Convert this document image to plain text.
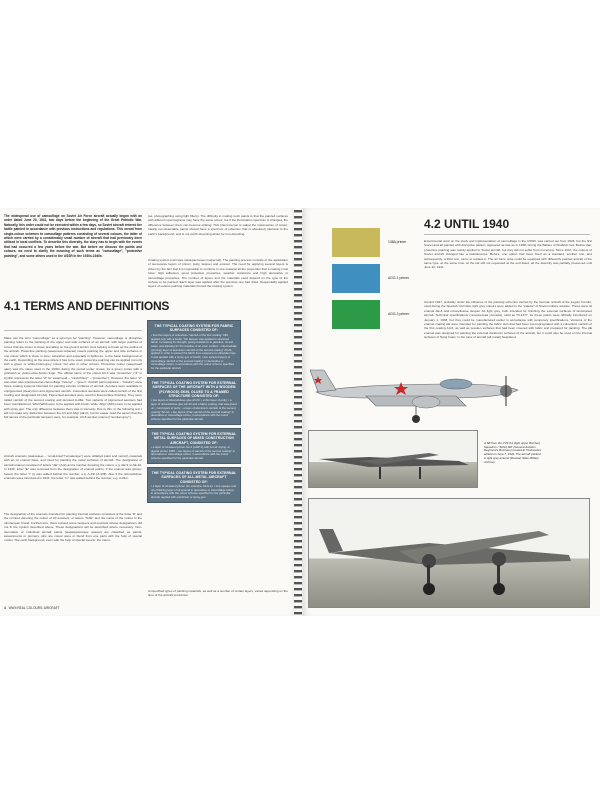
The widespread use of camouflage on Soviet Air Force aircraft actually began with an order dated June 20, 1941, two days before the beginning of the Great Patriotic War. Naturally, this order could not be executed within a few days, so Soviet aircraft entered the battle painted in accordance with previous instructions and regulations. This meant from single-colour schemes to camouflage patterns consisting of several colours, the latter of which were carried by a considerably small number of aircraft that had previously been utilised in local conflicts. To describe this diversity, the story has to begin with the events that had occurred a few years before the war. But before we discuss the paints and colours, we need to clarify the meaning of such terms as "camouflage", "protective painting", and some others used in the USSR in the 1930s-1940s.
4.1 TERMS AND DEFINITIONS
Make use the term "camouflage" as a synonym for "painting". However, camouflage or disruptive painting refers to the painting of the upper and side surfaces of an aircraft, with larger patches of colour that are closer to those prevailing on the ground terrain, thus helping to break up the outline of the aircraft. Protective painting (защитная окраска) means painting the upper and side surfaces in one colour which is close in tone, saturation and especially in lightness, to the basic background of the earth. Depending on the area where it has to be used, protective painting can be applied not only with a green or white-brown-grey colour, but also in other colours. Protective colour (защитный цвет) was the name used in the 1930s during the period under review, for a green colour with a yellowish or yellow-olive-brown tinge. The official name of the colour AII-3 was "protective" ("3" in Cyrillic represents the letter "Z" for защитный – "zashchitniy" – "protective"). However, the letter "Z" was often also interpreted as camouflage "zelenyi" – "green". Aircraft paint (окраска – "kraska") were those coating systems intended for painting exterior surfaces of aircraft. Aerolacs were available in unpigmented (clear) form and pigmented varnish. Colourless aerolacs were called varnish of the first coating and designated AII (AII), Pigmented aerolacs were used for final-surface finishing. They were called varnish of the second coating and denoted A-24E. Two variants of pigmented aerolacs had been manufactured. Wild (Wild) were to be applied with brush, while 'A6gr' (A6G) were to be applied with spray gun. The only difference between them was in viscosity. Due to this, in the following text I will not make any distinction between the AII and A6gr paints, but for easier read the assert that the full names of the particular lacquers were, for example, AII-8 aerolac enamel ("aerolac-grey").
Aircraft enamels (эмалевые – "emal-krasl"/"emalevaye") were oil/alkyd paint and varnish materials with an oil enamel base, and used for painting the metal surfaces of aircraft. The designation of aircraft enamel consisted of letters "AE" (A-E) and a number denoting the colour, e.g. AE-9 or AE-10. In 1940, letter "E" was removed from the designation of enamel paints. If the enamel was glossy-based, the letter "i" (i) was added behind the number, e.g. A-19f (A-19ff). Also if the nitrocellulose enamels were introduced in 1941, the letter "m" was added behind the number, e.g. A-24m.
The designation of the enamels intended for painting internal surfaces consisted of the letter 'R' and the number denoting the colour of AII enamels, or letters "OAE" and the name of the colour in the nitrolacquer brand. Furthermore, there existed some lacquers and enamels whose designations did not fit the system described above. These designations will be described where necessary. Non-decorative or individual aircraft paints (маркировочные краски) are classified as paints, assessments or gunners, who are colour were or blend from one parts with the help of special model. The earth background, even with the help of special means: the manu-
(as, photographing using light filters). The difficulty in making such paints is that the painted surfaces with different spectrograms may have the same colour, but if the illumination spectrum is changed, the difference between them can become striking. This phenomenon is called the metamerism of colour. Ideally non-detectable paints should have a spectrum of reflection that is absolutely identical to the earth's background, and is not worth dreaming about for non-decoding.
Coating system (система лакокрасочных покрытий). The painting process consists of the application of successive layers of primer, putty, lacquer and enamel. The need for applying several layers is driven by the fact that it is impossible to combine in one material all the properties that a coating must have: high adhesion, good protective properties, weather resistance and high decorative or camouflage properties. The number of layers and the materials used depend on the type of the surface to be painted. Each layer was applied after the previous one had dried. Sequentially applied layers of various painting materials formed the coating system.
THE TYPICAL COATING SYSTEM FOR FABRIC SURFACES CONSISTED OF:

• four-five layers of colourless "varnish of the first coating" AII6, applied only with a brush. The lacquer was applied to stretched fabric, increasing its strength, giving resistance to gasoline, oil and water, and allowing for the creation of an even surface; • intermediate (priming) layer of aluminium varnish of the second coating" AII-AL, applied in order to protect the fabric from exposure to ultraviolet rays. It was applied with a spray gun or brush; • two sprayed layers of camouflage varnish of the second coating" in decorative or camouflage colour, in accordance with the colour scheme specified for the particular aircraft.

THE TYPICAL COATING SYSTEM FOR EXTERNAL SURFACES OF THE AIRCRAFT WITH A WOODEN (PLYWOOD) SKIN, GLUED TO A FRAMED STRUCTURE CONSISTED OF:

• two layers of nitrocellulose glue AII-Kil; • a thin layer of putty; • a layer of nitrocellulose glue AK-20 and a fabric coating, that was glued on; • two layers of putty; • a layer of aluminium varnish of the second coating" AII-AL; • two layers of lac varnish of the second coating" in decorative or camouflage colour, in accordance with the colour scheme specified for the particular aircraft.

THE TYPICAL COATING SYSTEM FOR EXTERNAL METAL SURFACES OF MIXED CONSTRUCTION AIRCRAFT, CONSISTED OF:

• a layer of oil-based primer AG-1 (AGP-1) with hot air drying, or glyptal primer 1388; • two layers of varnish of the second coating" in decorative or camouflage colour, in accordance with the colour scheme specified for the particular aircraft.

THE TYPICAL COATING SYSTEM FOR EXTERNAL SURFACES OF ALL-METAL AIRCRAFT CONSISTED OF:

• a layer of oil-based primer (for example, AGG-1); • one opaque and one finishing layer of oil enamel in decorative or camouflage colour, in accordance with the colour scheme specified for the particular aircraft, applied with oral brush or spray gun.

Unspecified types of painting materials, as well as a number of certain layers, varied depending on the time of the aircraft production.
4 WWII REAL COLOURS: AIRCRAFT
138A primer
AGG-1 primer
AGG-3 primer
4.2 UNTIL 1940
Experimental work on the study and implementation of camouflage in the USSR, was carried out from 1926, but the first Soviet aircraft painted with disruptive pattern, appeared as late as in 1938, during the Battles of Khalkhin Gol. Before that, protective painting was mainly applied to Soviet aircraft, but they did not suffer from monotony. Since 1937, the colours of Soviet aircraft changed like a kaleidoscope. Before, one option had been fixed as a standard, another one, and subsequently, a third one, came to replace it. The air force units could be equipped with differently painted aircraft of the same type, at the same time. At the tail still not requested at the end listed, all the diversify was partially preserved until June 22, 1941.
Around 1937, probably under the influence of the painting schemes carried by the German aircraft of the Legion Condor, used during the Spanish Civil War, light grey colours were added to the "palette" of Soviet military aviation. These were oil enamel AE-8 and nitrocellulose lacquer AII light grey, both intended for finishing the external surfaces of land-based aircraft. Technical specifications (техническая условия), valid as TII-1377, for these paints were officially introduced on January 1, 1938, but they could be manufactured earlier in accordance with temporary specifications. Versions of the enamel coating AE were intended for painting the fabric skin that had been pre-impregnated with a colourless varnish of the first coating AII-6, as well as wooden surfaces that had been covered with fabric and prepared for painting. The AE enamel was designed for painting the external duralumin surfaces of the aircraft, but it could also be used on the internal surfaces of flying boats. In the case of aircraft (all-metal) Seaplanes
A SB from the VVS KA (light upper Bomber) Squadron / 'Sehol Rift' (General Aviation Regiment's Bombers) located at Tirsikosolev airfield on June 7, 1940. The aircraft painted in light grey enamel (Russian State Military Archive)
